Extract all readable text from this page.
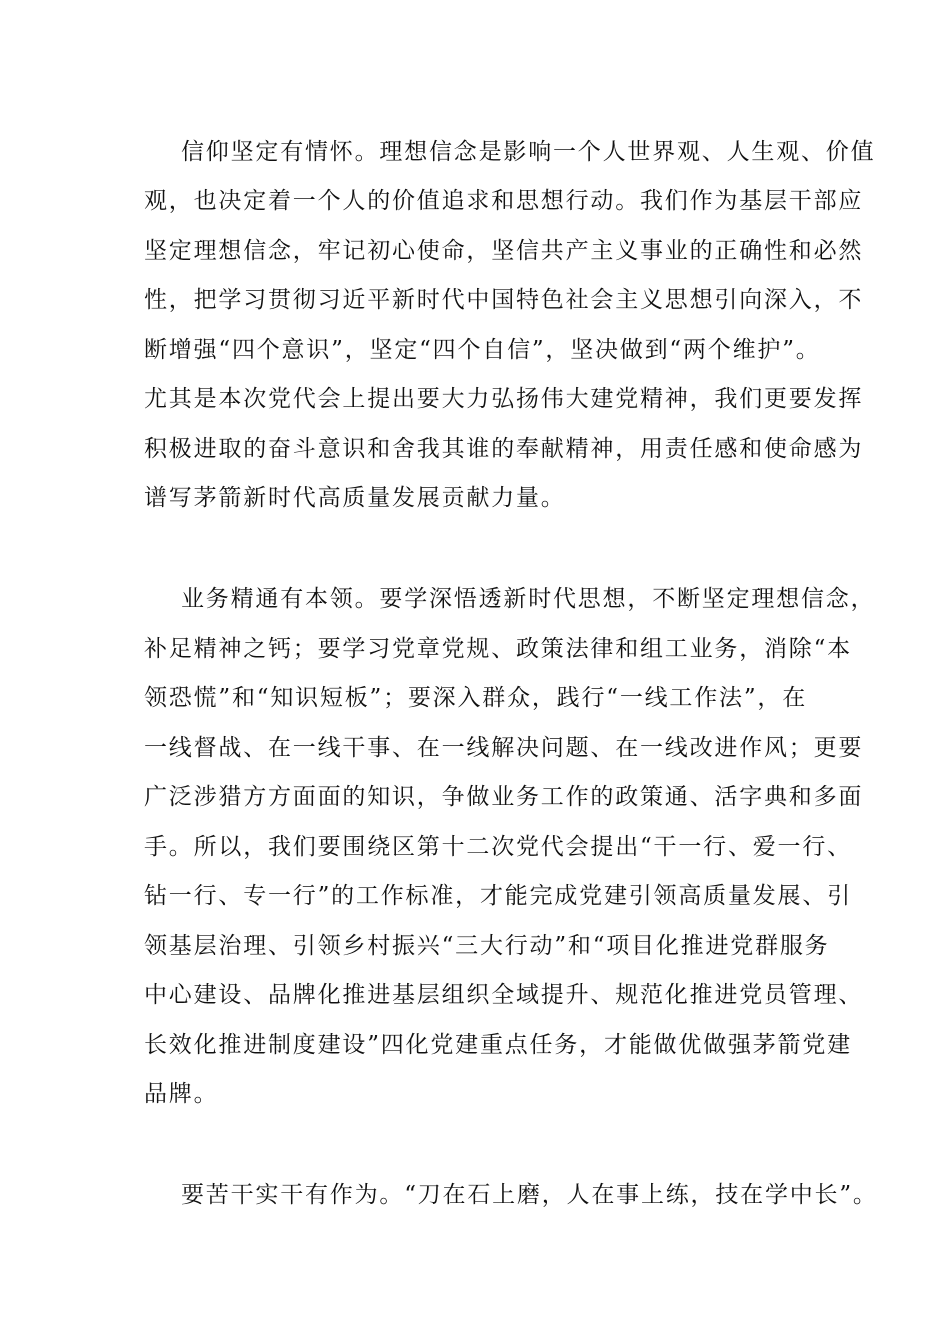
信仰坚定有情怀。理想信念是影响一个人世界观、人生观、价值
观，也决定着一个人的价值追求和思想行动。我们作为基层干部应
坚定理想信念，牢记初心使命，坚信共产主义事业的正确性和必然
性，把学习贯彻习近平新时代中国特色社会主义思想引向深入，不
断增强“四个意识”，坚定“四个自信”，坚决做到“两个维护”。
尤其是本次党代会上提出要大力弘扬伟大建党精神，我们更要发挥
积极进取的奋斗意识和舍我其谁的奉献精神，用责任感和使命感为
谱写茅箭新时代高质量发展贡献力量。
业务精通有本领。要学深悟透新时代思想，不断坚定理想信念，
补足精神之钙；要学习党章党规、政策法律和组工业务，消除“本
领恐慌”和“知识短板”；要深入群众，践行“一线工作法”，在
一线督战、在一线干事、在一线解决问题、在一线改进作风；更要
广泛涉猎方方面面的知识，争做业务工作的政策通、活字典和多面
手。所以，我们要围绕区第十二次党代会提出“干一行、爱一行、
钻一行、专一行”的工作标准，才能完成党建引领高质量发展、引
领基层治理、引领乡村振兴“三大行动”和“项目化推进党群服务
中心建设、品牌化推进基层组织全域提升、规范化推进党员管理、
长效化推进制度建设”四化党建重点任务，才能做优做强茅箭党建
品牌。
要苦干实干有作为。“刀在石上磨，人在事上练，技在学中长”。
